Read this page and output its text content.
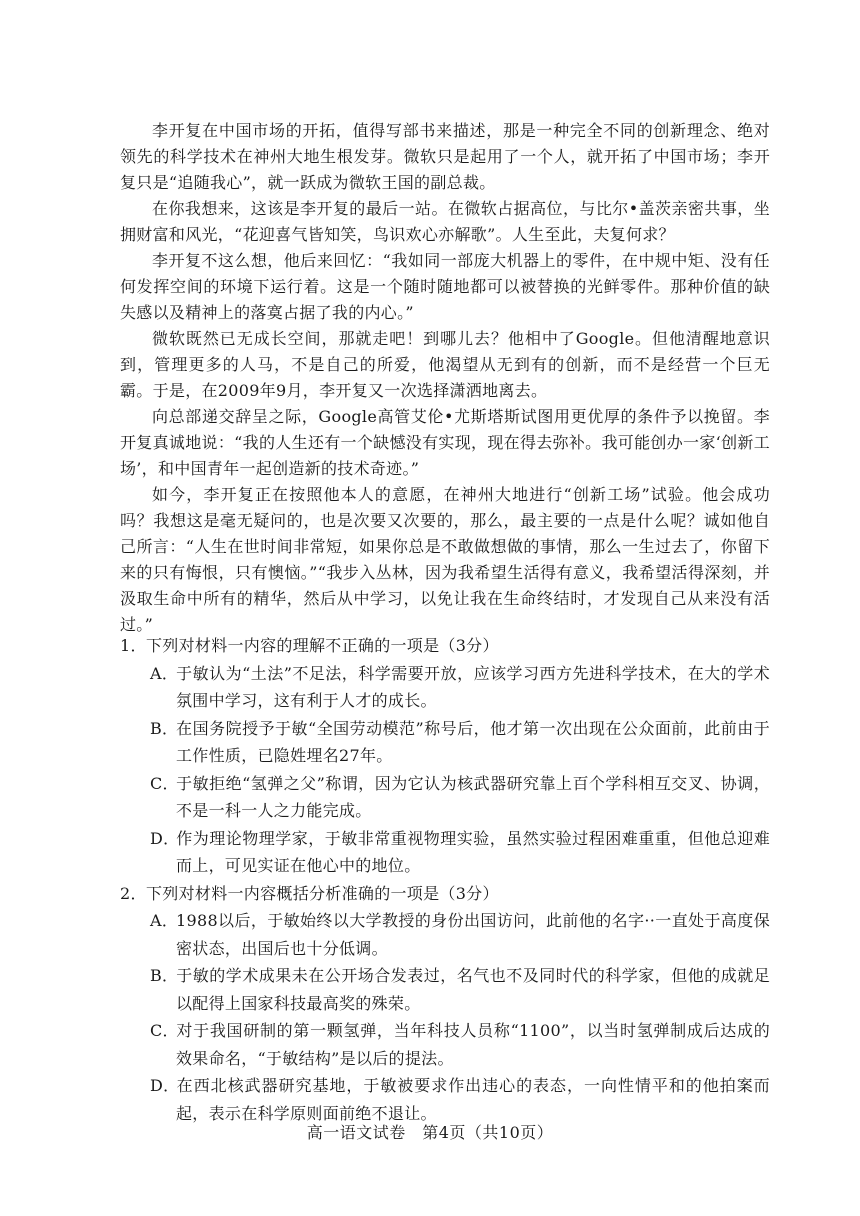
李开复在中国市场的开拓，值得写部书来描述，那是一种完全不同的创新理念、绝对领先的科学技术在神州大地生根发芽。微软只是起用了一个人，就开拓了中国市场；李开复只是“追随我心”，就一跃成为微软王国的副总裁。

在你我想来，这该是李开复的最后一站。在微软占据高位，与比尔•盖茨亲密共事，坐拥财富和风光，“花迎喜气皆知笑，鸟识欢心亦解歌”。人生至此，夫复何求？

李开复不这么想，他后来回忆：“我如同一部庞大机器上的零件，在中规中矩、没有任何发挥空间的环境下运行着。这是一个随时随地都可以被替换的光鲜零件。那种价值的缺失感以及精神上的落寞占据了我的内心。”

微软既然已无成长空间，那就走吧！到哪儿去？他相中了Google。但他清醒地意识到，管理更多的人马，不是自己的所爱，他渴望从无到有的创新，而不是经营一个巨无霸。于是，在2009年9月，李开复又一次选择潇洒地离去。

向总部递交辞呈之际，Google高管艾伦•尤斯塔斯试图用更优厚的条件予以挽留。李开复真诚地说：“我的人生还有一个缺憾没有实现，现在得去弥补。我可能创办一家‘创新工场’，和中国青年一起创造新的技术奇迹。”

如今，李开复正在按照他本人的意愿，在神州大地进行“创新工场”试验。他会成功吗？我想这是毫无疑问的，也是次要又次要的，那么，最主要的一点是什么呢？诚如他自己所言：“人生在世时间非常短，如果你总是不敢做想做的事情，那么一生过去了，你留下来的只有悔恨，只有懊恼。”“我步入丛林，因为我希望生活得有意义，我希望活得深刻，并汲取生命中所有的精华，然后从中学习，以免让我在生命终结时，才发现自己从来没有活过。”

1．下列对材料一内容的理解不正确的一项是（3分）

A．于敏认为“土法”不足法，科学需要开放，应该学习西方先进科学技术，在大的学术氛围中学习，这有利于人才的成长。

B．在国务院授予于敏“全国劳动模范”称号后，他才第一次出现在公众面前，此前由于工作性质，已隐姓埋名27年。

C．于敏拒绝“氢弹之父”称谓，因为它认为核武器研究靠上百个学科相互交叉、协调，不是一科一人之力能完成。

D．作为理论物理学家，于敏非常重视物理实验，虽然实验过程困难重重，但他总迎难而上，可见实证在他心中的地位。

2．下列对材料一内容概括分析准确的一项是（3分）

A．1988以后，于敏始终以大学教授的身份出国访问，此前他的名字··一直处于高度保密状态，出国后也十分低调。

B．于敏的学术成果未在公开场合发表过，名气也不及同时代的科学家，但他的成就足以配得上国家科技最高奖的殊荣。

C．对于我国研制的第一颗氢弹，当年科技人员称“1100”，以当时氢弹制成后达成的效果命名，“于敏结构”是以后的提法。

D．在西北核武器研究基地，于敏被要求作出违心的表态，一向性情平和的他拍案而起，表示在科学原则面前绝不退让。

高一语文试卷　第4页（共10页）
